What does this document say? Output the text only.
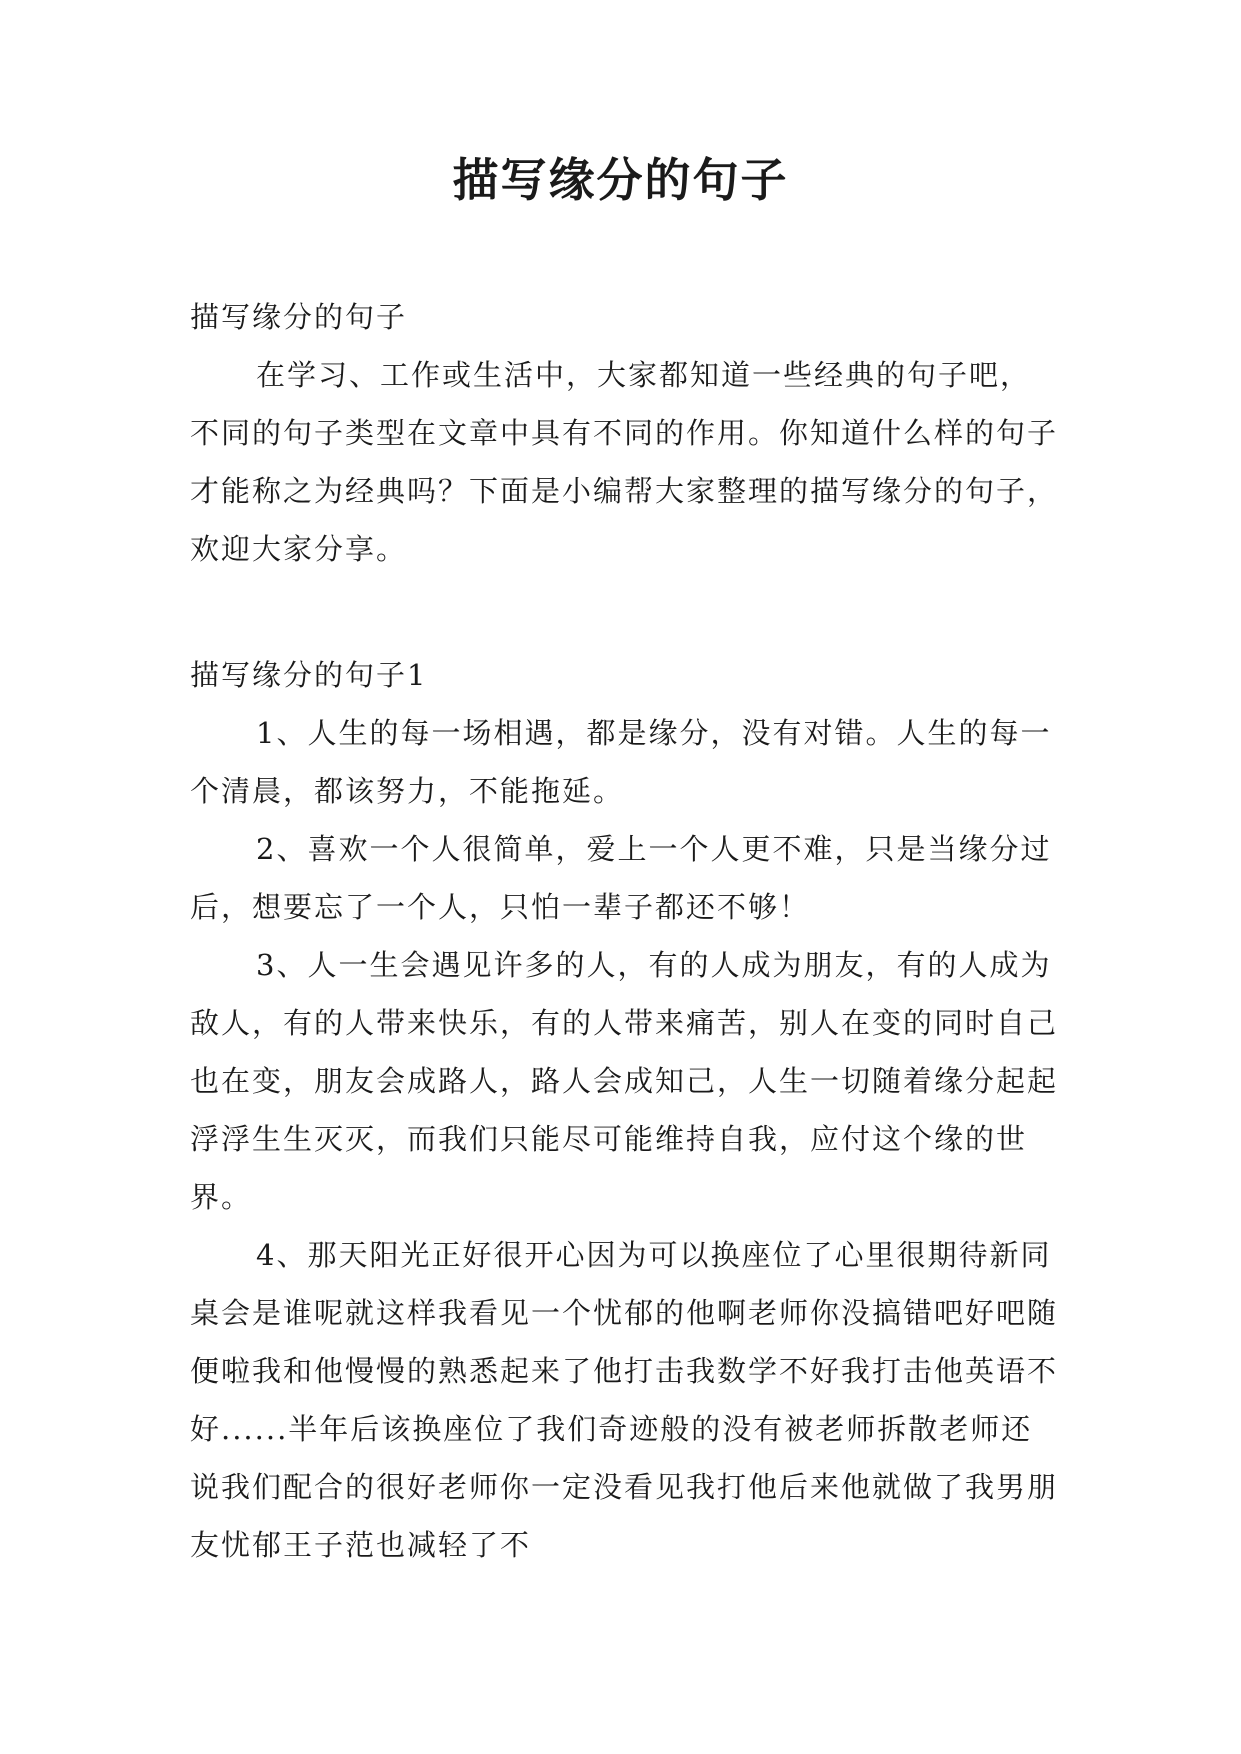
描写缘分的句子

描写缘分的句子

在学习、工作或生活中，大家都知道一些经典的句子吧，不同的句子类型在文章中具有不同的作用。你知道什么样的句子才能称之为经典吗？下面是小编帮大家整理的描写缘分的句子，欢迎大家分享。

描写缘分的句子1

1、人生的每一场相遇，都是缘分，没有对错。人生的每一个清晨，都该努力，不能拖延。

2、喜欢一个人很简单，爱上一个人更不难，只是当缘分过后，想要忘了一个人，只怕一辈子都还不够！

3、人一生会遇见许多的人，有的人成为朋友，有的人成为敌人，有的人带来快乐，有的人带来痛苦，别人在变的同时自己也在变，朋友会成路人，路人会成知己，人生一切随着缘分起起浮浮生生灭灭，而我们只能尽可能维持自我，应付这个缘的世界。

4、那天阳光正好很开心因为可以换座位了心里很期待新同桌会是谁呢就这样我看见一个忧郁的他啊老师你没搞错吧好吧随便啦我和他慢慢的熟悉起来了他打击我数学不好我打击他英语不好......半年后该换座位了我们奇迹般的没有被老师拆散老师还说我们配合的很好老师你一定没看见我打他后来他就做了我男朋友忧郁王子范也减轻了不
